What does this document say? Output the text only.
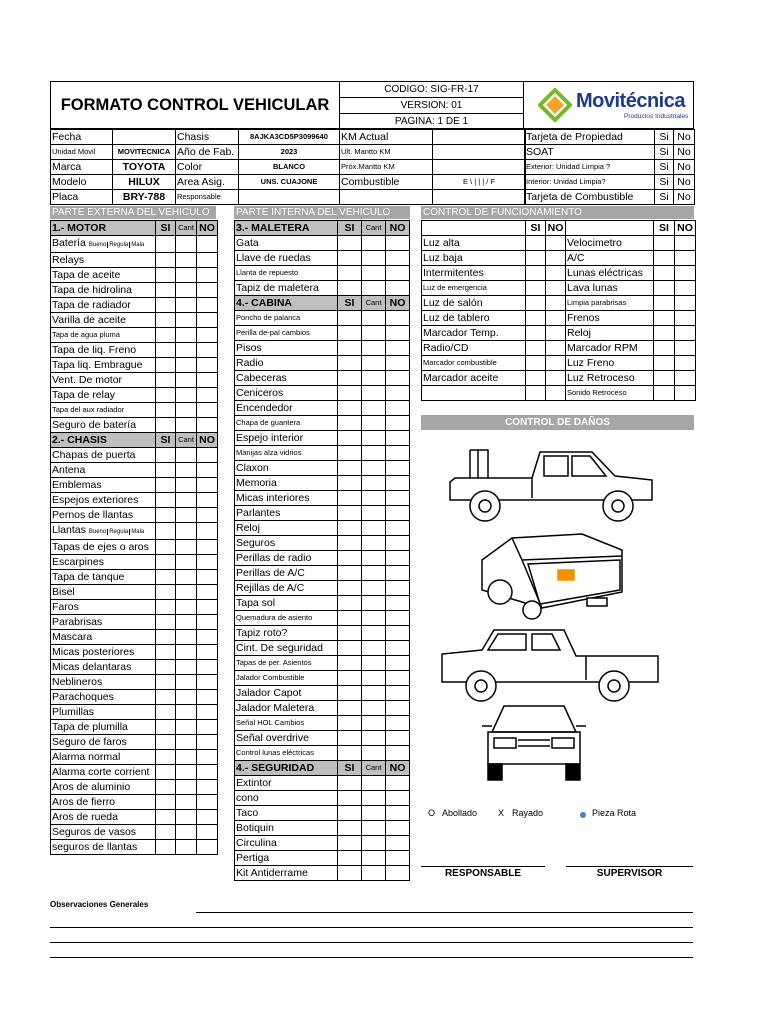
FORMATO CONTROL VEHICULAR
CODIGO: SIG-FR-17
VERSION: 01
PAGINA: 1 DE 1
Movitécnica
Productos Industriales
Fecha		Chasis	8AJKA3CD5P3099640	KM Actual	
Unidad Movil	MOVITECNICA	Año de Fab.	2023	Ult. Mantto KM	
Marca	TOYOTA	Color	BLANCO	Próx.Mantto KM	
Modelo	HILUX	Area Asig.	UNS. CUAJONE	Combustible	E \ | | | / F
Placa	BRY-788	Responsable			
Tarjeta de Propiedad	Si	No
SOAT	Si	No
Exterior: Unidad Limpia ?	Si	No
Interior: Unidad Limpia?	Si	No
Tarjeta de Combustible	Si	No
PARTE EXTERNA DEL VEHICULO	PARTE INTERNA DEL VEHICULO	CONTROL DE FUNCIONAMIENTO
1.- MOTOR	SI	Cant	NO
Batería Bueno Regula Mala			
Relays			
Tapa de aceite			
Tapa de hidrolina			
Tapa de radiador			
Varilla de aceite			
Tapa de agua pluma			
Tapa de liq. Freno			
Tapa liq. Embrague			
Vent. De motor			
Tapa de relay			
Tapa del aux radiador			
Seguro de batería			
2.- CHASIS	SI	Cant	NO
Chapas de puerta			
Antena			
Emblemas			
Espejos exteriores			
Pernos de llantas			
Llantas Bueno Regula Mala			
Tapas de ejes o aros			
Escarpines			
Tapa de tanque			
Bisel			
Faros			
Parabrisas			
Mascara			
Micas posteriores			
Micas delantaras			
Neblineros			
Parachoques			
Plumillas			
Tapa de plumilla			
Seguro de faros			
Alarma normal			
Alarma corte corrient			
Aros de aluminio			
Aros de fierro			
Aros de rueda			
Seguros de vasos			
seguros de llantas			
3.- MALETERA	SI	Cant	NO
Gata			
Llave de ruedas			
Llanta de repuesto			
Tapiz de maletera			
4.- CABINA	SI	Cant	NO
Poncho de palanca			
Perilla de-pal cambios			
Pisos			
Radio			
Cabeceras			
Ceniceros			
Encendedor			
Chapa de guantera			
Espejo interior			
Manijas alza vidrios			
Claxon			
Memoria			
Micas interiores			
Parlantes			
Reloj			
Seguros			
Perillas de radio			
Perillas de A/C			
Rejillas de A/C			
Tapa sol			
Quemadura de asiento			
Tapiz roto?			
Cint. De seguridad			
Tapas de per. Asientos			
Jalador Combustible			
Jalador Capot			
Jalador Maletera			
Señal HOL Cambios			
Señal overdrive			
Control lunas eléctricas			
4.- SEGURIDAD	SI	Cant	NO
Extintor			
cono			
Taco			
Botiquin			
Circulina			
Pertiga			
Kit Antiderrame			
	SI	NO		SI	NO
Luz alta			Velocimetro		
Luz baja			A/C		
Intermitentes			Lunas eléctricas		
Luz de emergencia			Lava lunas		
Luz de salón			Limpia parabrisas		
Luz de tablero			Frenos		
Marcador Temp.			Reloj		
Radio/CD			Marcador RPM		
Marcador combustible			Luz Freno		
Marcador aceite			Luz Retroceso		
			Sonido Retroceso		
CONTROL DE DAÑOS
O Abollado X Rayado	Pieza Rota
RESPONSABLE	SUPERVISOR
Observaciones Generales
